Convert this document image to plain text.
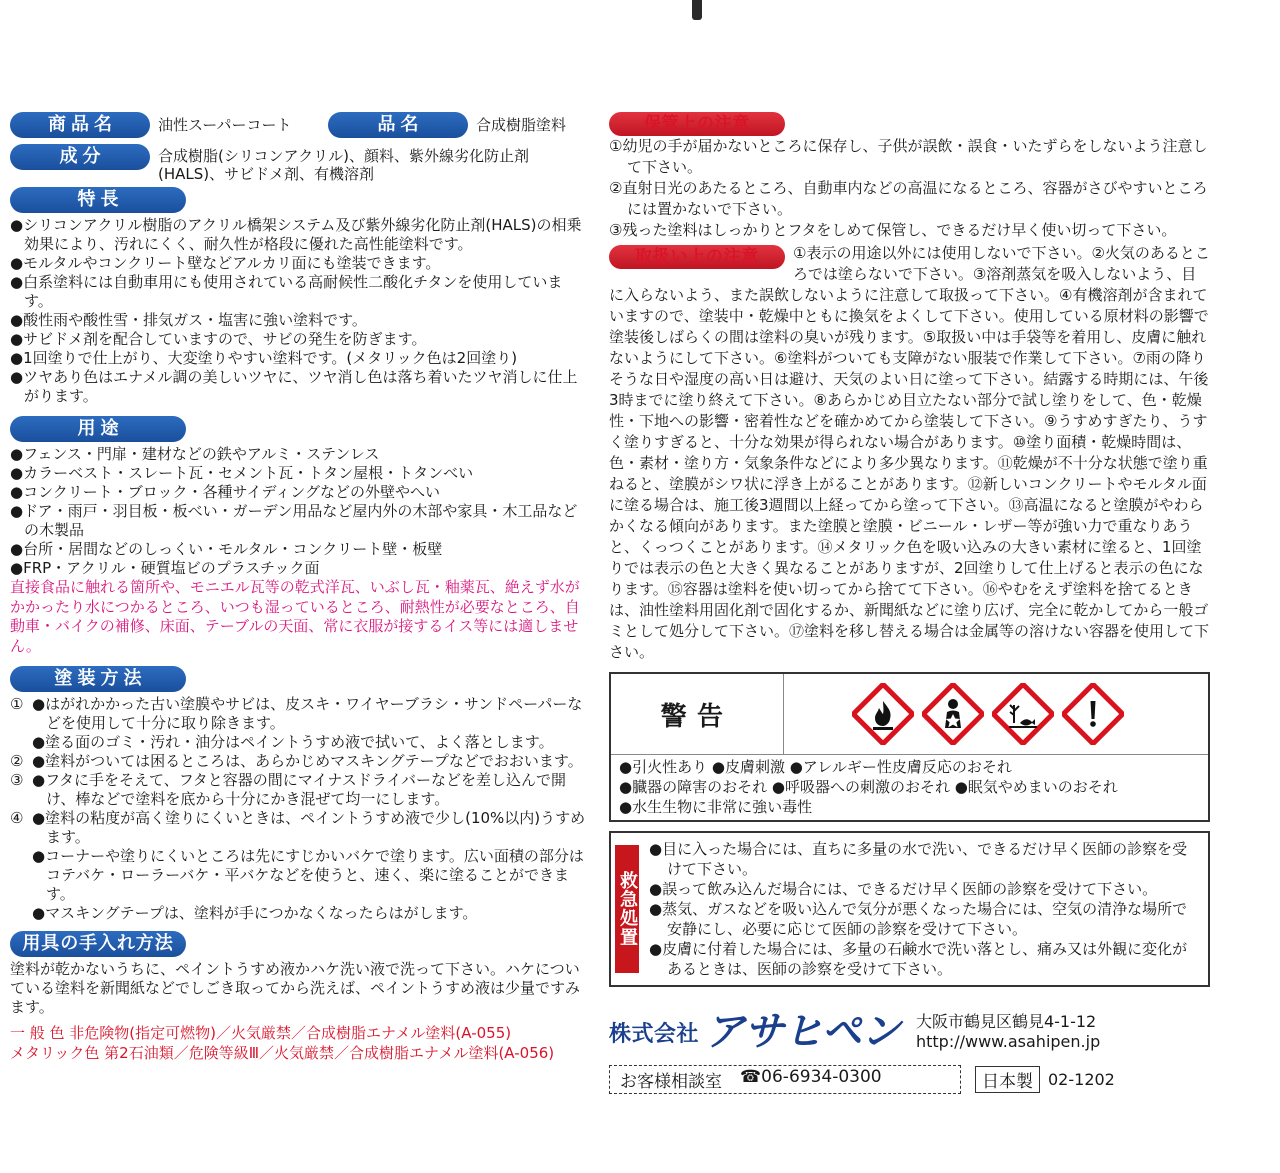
商品名	油性スーパーコート	品名	合成樹脂塗料
成分	合成樹脂(シリコンアクリル)、顔料、紫外線劣化防止剤(HALS)、サビドメ剤、有機溶剤
特長
●シリコンアクリル樹脂のアクリル橋架システム及び紫外線劣化防止剤(HALS)の相乗効果により、汚れにくく、耐久性が格段に優れた高性能塗料です。
●モルタルやコンクリート壁などアルカリ面にも塗装できます。
●白系塗料には自動車用にも使用されている高耐候性二酸化チタンを使用しています。
●酸性雨や酸性雪・排気ガス・塩害に強い塗料です。
●サビドメ剤を配合していますので、サビの発生を防ぎます。
●1回塗りで仕上がり、大変塗りやすい塗料です。(メタリック色は2回塗り)
●ツヤあり色はエナメル調の美しいツヤに、ツヤ消し色は落ち着いたツヤ消しに仕上がります。
用途
●フェンス・門扉・建材などの鉄やアルミ・ステンレス
●カラーベスト・スレート瓦・セメント瓦・トタン屋根・トタンべい
●コンクリート・ブロック・各種サイディングなどの外壁やへい
●ドア・雨戸・羽目板・板べい・ガーデン用品など屋内外の木部や家具・木工品などの木製品
●台所・居間などのしっくい・モルタル・コンクリート壁・板壁
●FRP・アクリル・硬質塩ビのプラスチック面

直接食品に触れる箇所や、モニエル瓦等の乾式洋瓦、いぶし瓦・釉薬瓦、絶えず水がかかったり水につかるところ、いつも湿っているところ、耐熱性が必要なところ、自動車・バイクの補修、床面、テーブルの天面、常に衣服が接するイス等には適しません。

塗装方法
① ●はがれかかった古い塗膜やサビは、皮スキ・ワイヤーブラシ・サンドペーパーなどを使用して十分に取り除きます。
●塗る面のゴミ・汚れ・油分はペイントうすめ液で拭いて、よく落とします。
② ●塗料がついては困るところは、あらかじめマスキングテープなどでおおいます。
③ ●フタに手をそえて、フタと容器の間にマイナスドライバーなどを差し込んで開け、棒などで塗料を底から十分にかき混ぜて均一にします。
④ ●塗料の粘度が高く塗りにくいときは、ペイントうすめ液で少し(10%以内)うすめます。
●コーナーや塗りにくいところは先にすじかいバケで塗ります。広い面積の部分はコテバケ・ローラーバケ・平バケなどを使うと、速く、楽に塗ることができます。
●マスキングテープは、塗料が手につかなくなったらはがします。
用具の手入れ方法

塗料が乾かないうちに、ペイントうすめ液かハケ洗い液で洗って下さい。ハケについている塗料を新聞紙などでしごき取ってから洗えば、ペイントうすめ液は少量ですみます。

一 般 色 非危険物(指定可燃物)／火気厳禁／合成樹脂エナメル塗料(A-055)

メタリック色 第2石油類／危険等級Ⅲ／火気厳禁／合成樹脂エナメル塗料(A-056)

保管上の注意
①幼児の手が届かないところに保存し、子供が誤飲・誤食・いたずらをしないよう注意して下さい。
②直射日光のあたるところ、自動車内などの高温になるところ、容器がさびやすいところには置かないで下さい。
③残った塗料はしっかりとフタをしめて保管し、できるだけ早く使い切って下さい。

取扱い上の注意	①表示の用途以外には使用しないで下さい。②火気のあるところでは塗らないで下さい。③溶剤蒸気を吸入しないよう、目に入らないよう、また誤飲しないように注意して取扱って下さい。④有機溶剤が含まれていますので、塗装中・乾燥中ともに換気をよくして下さい。使用している原材料の影響で塗装後しばらくの間は塗料の臭いが残ります。⑤取扱い中は手袋等を着用し、皮膚に触れないようにして下さい。⑥塗料がついても支障がない服装で作業して下さい。⑦雨の降りそうな日や湿度の高い日は避け、天気のよい日に塗って下さい。結露する時期には、午後3時までに塗り終えて下さい。⑧あらかじめ目立たない部分で試し塗りをして、色・乾燥性・下地への影響・密着性などを確かめてから塗装して下さい。⑨うすめすぎたり、うすく塗りすぎると、十分な効果が得られない場合があります。⑩塗り面積・乾燥時間は、色・素材・塗り方・気象条件などにより多少異なります。⑪乾燥が不十分な状態で塗り重ねると、塗膜がシワ状に浮き上がることがあります。⑫新しいコンクリートやモルタル面に塗る場合は、施工後3週間以上経ってから塗って下さい。⑬高温になると塗膜がやわらかくなる傾向があります。また塗膜と塗膜・ビニール・レザー等が強い力で重なりあうと、くっつくことがあります。⑭メタリック色を吸い込みの大きい素材に塗ると、1回塗りでは表示の色と大きく異なることがありますが、2回塗りして仕上げると表示の色になります。⑮容器は塗料を使い切ってから捨てて下さい。⑯やむをえず塗料を捨てるときは、油性塗料用固化剤で固化するか、新聞紙などに塗り広げ、完全に乾かしてから一般ゴミとして処分して下さい。⑰塗料を移し替える場合は金属等の溶けない容器を使用して下さい。

警告
●引火性あり ●皮膚刺激 ●アレルギー性皮膚反応のおそれ
●臓器の障害のおそれ ●呼吸器への刺激のおそれ ●眠気やめまいのおそれ
●水生生物に非常に強い毒性
救急処置
●目に入った場合には、直ちに多量の水で洗い、できるだけ早く医師の診察を受けて下さい。
●誤って飲み込んだ場合には、できるだけ早く医師の診察を受けて下さい。
●蒸気、ガスなどを吸い込んで気分が悪くなった場合には、空気の清浄な場所で安静にし、必要に応じて医師の診察を受けて下さい。
●皮膚に付着した場合には、多量の石鹸水で洗い落とし、痛み又は外観に変化があるときは、医師の診察を受けて下さい。
株式会社 アサヒペン 大阪市鶴見区鶴見4-1-12
http://www.asahipen.jp
お客様相談室 ☎06-6934-0300	日本製 02-1202
